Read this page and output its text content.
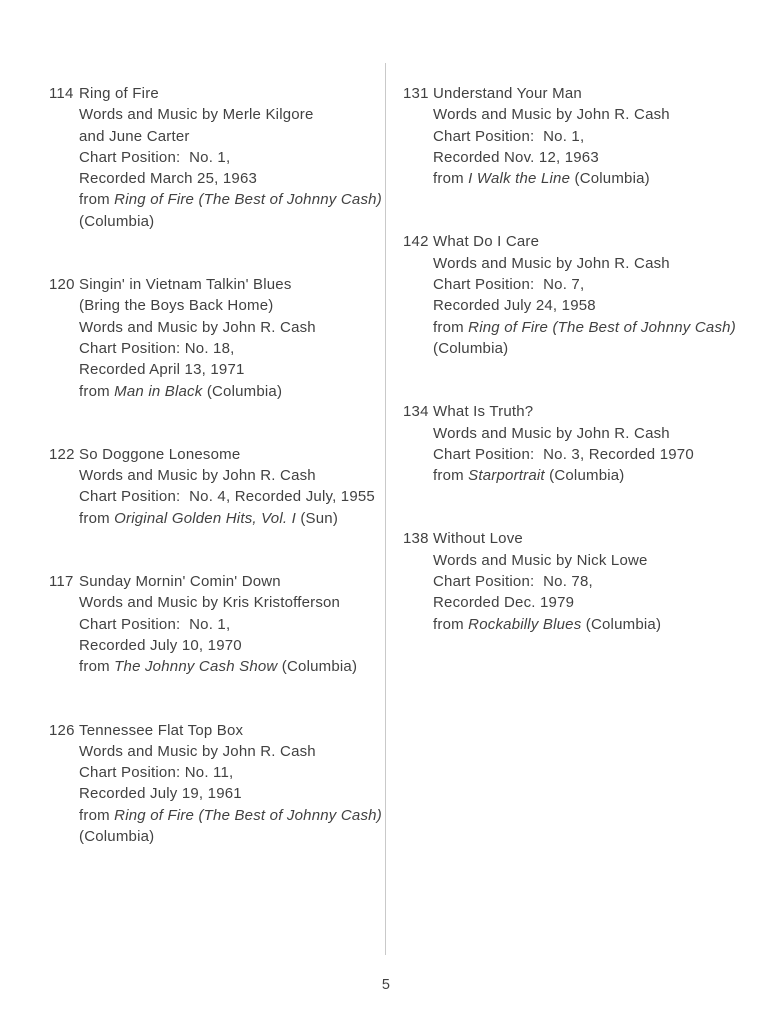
114 Ring of Fire
Words and Music by Merle Kilgore
and June Carter
Chart Position:  No. 1,
Recorded March 25, 1963
from Ring of Fire (The Best of Johnny Cash)
(Columbia)
120 Singin' in Vietnam Talkin' Blues
(Bring the Boys Back Home)
Words and Music by John R. Cash
Chart Position: No. 18,
Recorded April 13, 1971
from Man in Black (Columbia)
122 So Doggone Lonesome
Words and Music by John R. Cash
Chart Position:  No. 4, Recorded July, 1955
from Original Golden Hits, Vol. I (Sun)
117 Sunday Mornin' Comin' Down
Words and Music by Kris Kristofferson
Chart Position:  No. 1,
Recorded July 10, 1970
from The Johnny Cash Show (Columbia)
126 Tennessee Flat Top Box
Words and Music by John R. Cash
Chart Position: No. 11,
Recorded July 19, 1961
from Ring of Fire (The Best of Johnny Cash)
(Columbia)
131 Understand Your Man
Words and Music by John R. Cash
Chart Position:  No. 1,
Recorded Nov. 12, 1963
from I Walk the Line (Columbia)
142 What Do I Care
Words and Music by John R. Cash
Chart Position:  No. 7,
Recorded July 24, 1958
from Ring of Fire (The Best of Johnny Cash)
(Columbia)
134 What Is Truth?
Words and Music by John R. Cash
Chart Position:  No. 3, Recorded 1970
from Starportrait (Columbia)
138 Without Love
Words and Music by Nick Lowe
Chart Position:  No. 78,
Recorded Dec. 1979
from Rockabilly Blues (Columbia)
5
